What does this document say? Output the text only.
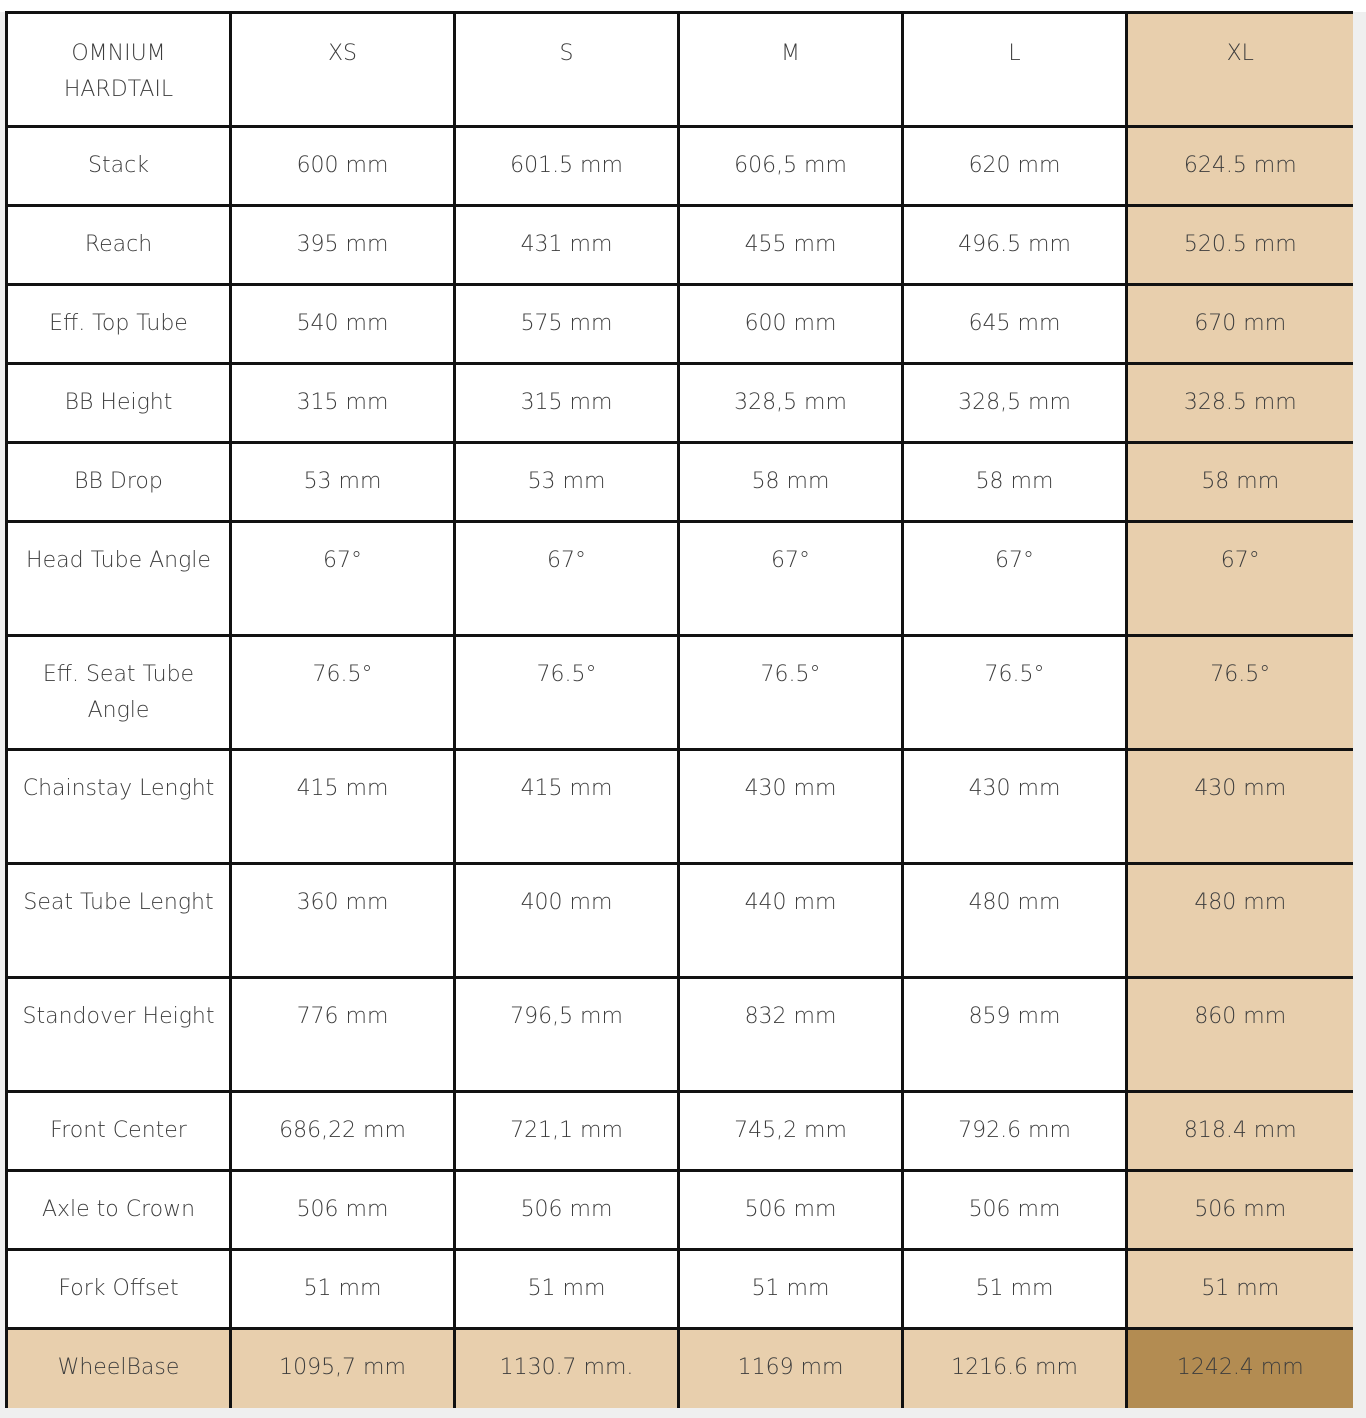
OMNIUM HARDTAIL	XS	S	M	L	XL
Stack	600 mm	601.5 mm	606,5 mm	620 mm	624.5 mm
Reach	395 mm	431 mm	455 mm	496.5 mm	520.5 mm
Eff. Top Tube	540 mm	575 mm	600 mm	645 mm	670 mm
BB Height	315 mm	315 mm	328,5 mm	328,5 mm	328.5 mm
BB Drop	53 mm	53 mm	58 mm	58 mm	58 mm
Head Tube Angle	67°	67°	67°	67°	67°
Eff. Seat Tube Angle	76.5°	76.5°	76.5°	76.5°	76.5°
Chainstay Lenght	415 mm	415 mm	430 mm	430 mm	430 mm
Seat Tube Lenght	360 mm	400 mm	440 mm	480 mm	480 mm
Standover Height	776 mm	796,5 mm	832 mm	859 mm	860 mm
Front Center	686,22 mm	721,1 mm	745,2 mm	792.6 mm	818.4 mm
Axle to Crown	506 mm	506 mm	506 mm	506 mm	506 mm
Fork Offset	51 mm	51 mm	51 mm	51 mm	51 mm
WheelBase	1095,7 mm	1130.7 mm.	1169 mm	1216.6 mm	1242.4 mm
